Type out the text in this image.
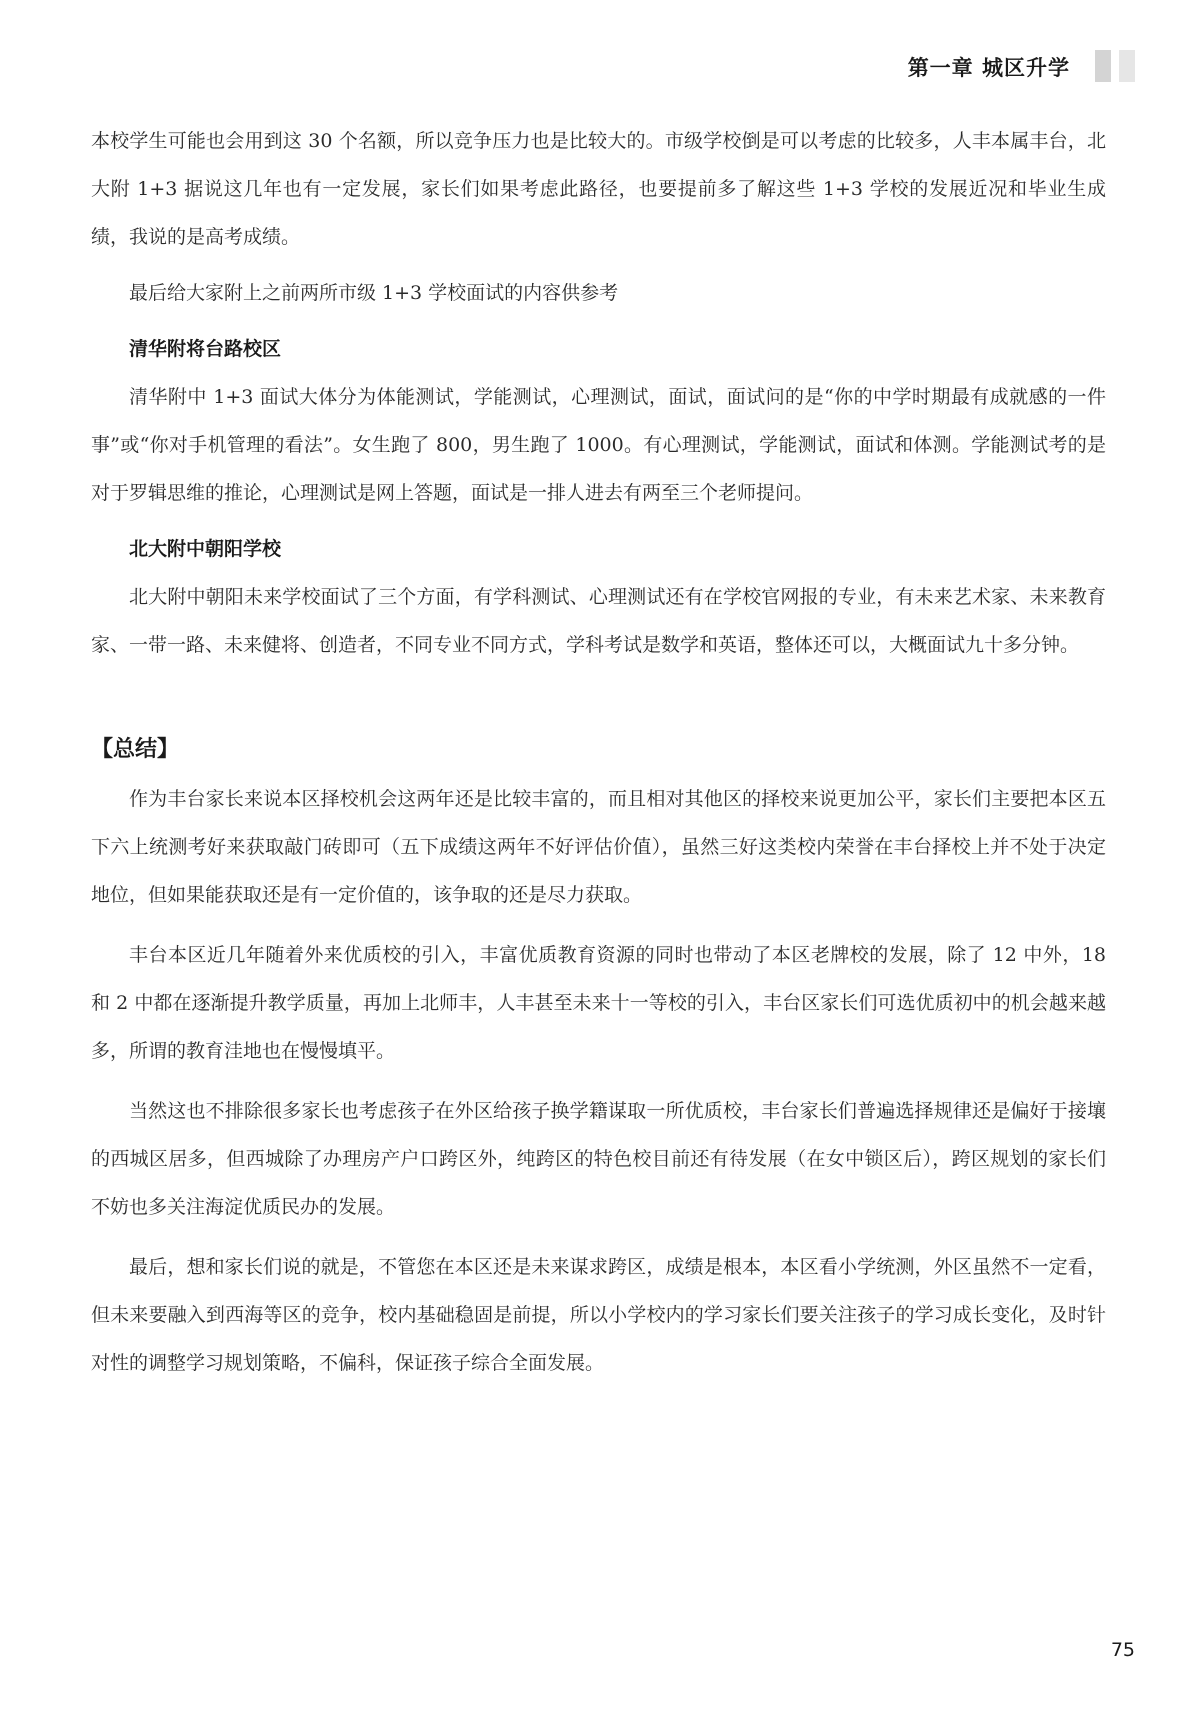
第一章 城区升学

本校学生可能也会用到这 30 个名额，所以竞争压力也是比较大的。市级学校倒是可以考虑的比较多，人丰本属丰台，北大附 1+3 据说这几年也有一定发展，家长们如果考虑此路径，也要提前多了解这些 1+3 学校的发展近况和毕业生成绩，我说的是高考成绩。

最后给大家附上之前两所市级 1+3 学校面试的内容供参考

清华附将台路校区

清华附中 1+3 面试大体分为体能测试，学能测试，心理测试，面试，面试问的是“你的中学时期最有成就感的一件事”或“你对手机管理的看法”。女生跑了 800，男生跑了 1000。有心理测试，学能测试，面试和体测。学能测试考的是对于罗辑思维的推论，心理测试是网上答题，面试是一排人进去有两至三个老师提问。

北大附中朝阳学校

北大附中朝阳未来学校面试了三个方面，有学科测试、心理测试还有在学校官网报的专业，有未来艺术家、未来教育家、一带一路、未来健将、创造者，不同专业不同方式，学科考试是数学和英语，整体还可以，大概面试九十多分钟。

【总结】

作为丰台家长来说本区择校机会这两年还是比较丰富的，而且相对其他区的择校来说更加公平，家长们主要把本区五下六上统测考好来获取敲门砖即可（五下成绩这两年不好评估价值），虽然三好这类校内荣誉在丰台择校上并不处于决定地位，但如果能获取还是有一定价值的，该争取的还是尽力获取。

丰台本区近几年随着外来优质校的引入，丰富优质教育资源的同时也带动了本区老牌校的发展，除了 12 中外，18 和 2 中都在逐渐提升教学质量，再加上北师丰，人丰甚至未来十一等校的引入，丰台区家长们可选优质初中的机会越来越多，所谓的教育洼地也在慢慢填平。

当然这也不排除很多家长也考虑孩子在外区给孩子换学籍谋取一所优质校，丰台家长们普遍选择规律还是偏好于接壤的西城区居多，但西城除了办理房产户口跨区外，纯跨区的特色校目前还有待发展（在女中锁区后），跨区规划的家长们不妨也多关注海淀优质民办的发展。

最后，想和家长们说的就是，不管您在本区还是未来谋求跨区，成绩是根本，本区看小学统测，外区虽然不一定看，但未来要融入到西海等区的竞争，校内基础稳固是前提，所以小学校内的学习家长们要关注孩子的学习成长变化，及时针对性的调整学习规划策略，不偏科，保证孩子综合全面发展。

75
